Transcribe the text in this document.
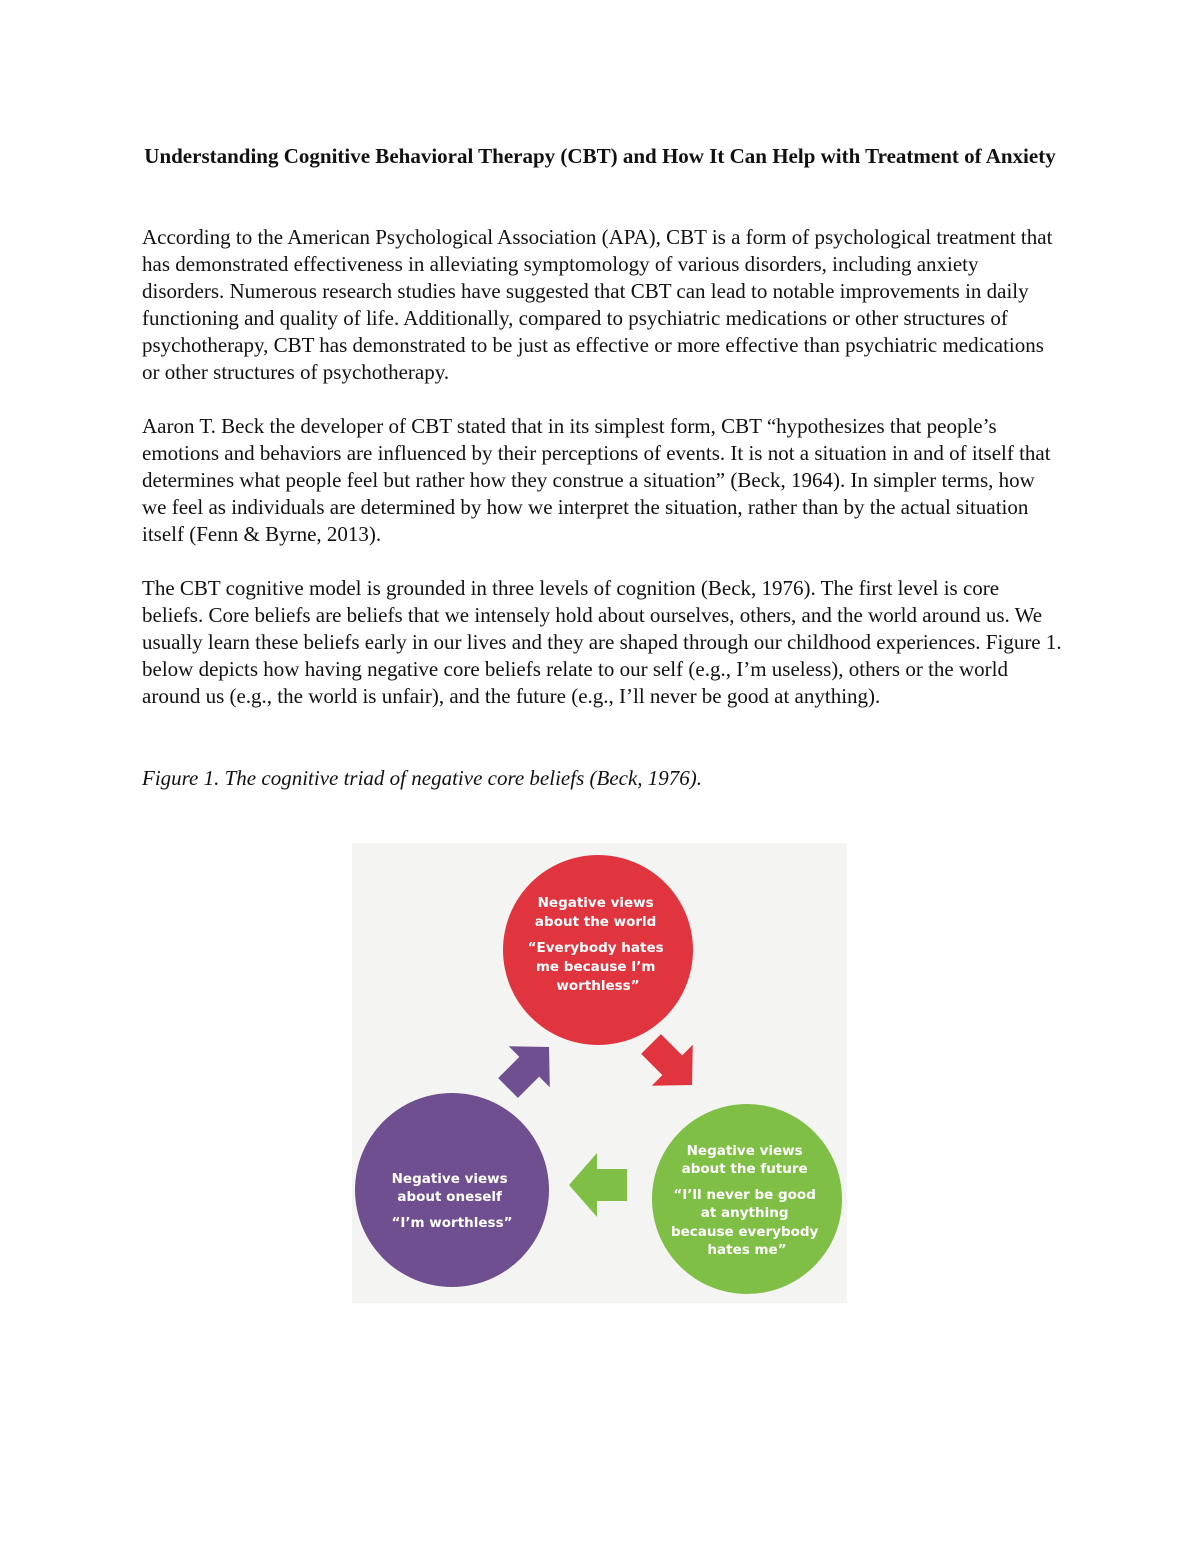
Understanding Cognitive Behavioral Therapy (CBT) and How It Can Help with Treatment of Anxiety

According to the American Psychological Association (APA), CBT is a form of psychological treatment that has demonstrated effectiveness in alleviating symptomology of various disorders, including anxiety disorders. Numerous research studies have suggested that CBT can lead to notable improvements in daily functioning and quality of life. Additionally, compared to psychiatric medications or other structures of psychotherapy, CBT has demonstrated to be just as effective or more effective than psychiatric medications or other structures of psychotherapy.

Aaron T. Beck the developer of CBT stated that in its simplest form, CBT “hypothesizes that people’s emotions and behaviors are influenced by their perceptions of events. It is not a situation in and of itself that determines what people feel but rather how they construe a situation” (Beck, 1964). In simpler terms, how we feel as individuals are determined by how we interpret the situation, rather than by the actual situation itself (Fenn & Byrne, 2013).

The CBT cognitive model is grounded in three levels of cognition (Beck, 1976). The first level is core beliefs. Core beliefs are beliefs that we intensely hold about ourselves, others, and the world around us. We usually learn these beliefs early in our lives and they are shaped through our childhood experiences. Figure 1. below depicts how having negative core beliefs relate to our self (e.g., I’m useless), others or the world around us (e.g., the world is unfair), and the future (e.g., I’ll never be good at anything).

Figure 1. The cognitive triad of negative core beliefs (Beck, 1976).

Negative views about the world “Everybody hates me because I’m worthless”
Negative views about the future “I’ll never be good at anything because everybody hates me”
Negative views about oneself “I’m worthless”
